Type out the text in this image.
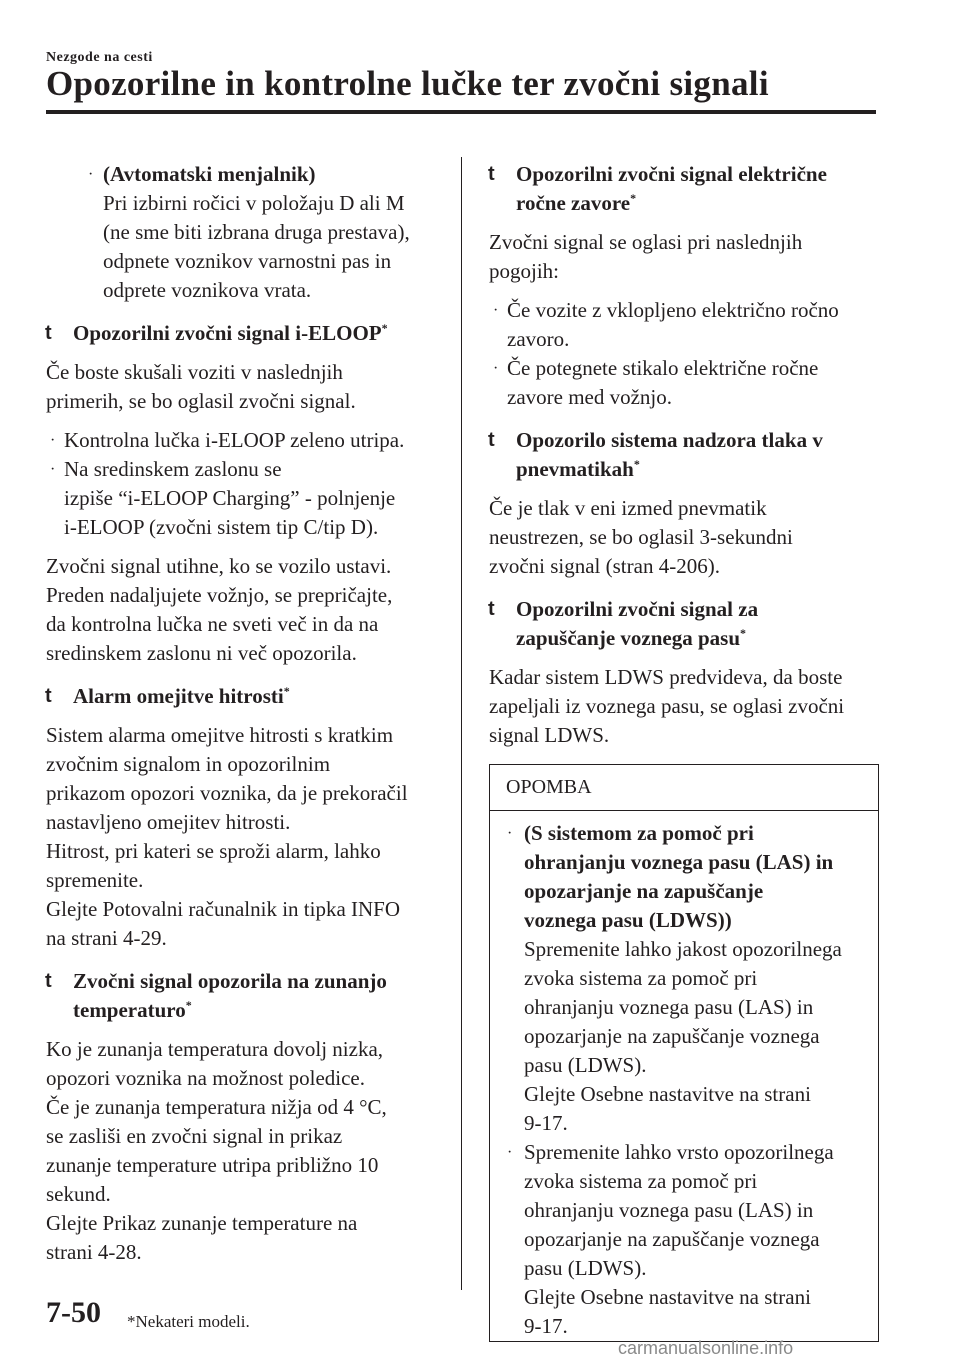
Nezgode na cesti
Opozorilne in kontrolne lučke ter zvočni signali
· (Avtomatski menjalnik)
Pri izbirni ročici v položaju D ali M
(ne sme biti izbrana druga prestava),
odpnete voznikov varnostni pas in
odprete voznikova vrata.
t Opozorilni zvočni signal i-ELOOP*
Če boste skušali voziti v naslednjih
primerih, se bo oglasil zvočni signal.
· Kontrolna lučka i-ELOOP zeleno utripa.
· Na sredinskem zaslonu se
izpiše “i-ELOOP Charging” - polnjenje
i-ELOOP (zvočni sistem tip C/tip D).
Zvočni signal utihne, ko se vozilo ustavi.
Preden nadaljujete vožnjo, se prepričajte,
da kontrolna lučka ne sveti več in da na
sredinskem zaslonu ni več opozorila.
t Alarm omejitve hitrosti*
Sistem alarma omejitve hitrosti s kratkim
zvočnim signalom in opozorilnim
prikazom opozori voznika, da je prekoračil
nastavljeno omejitev hitrosti.
Hitrost, pri kateri se sproži alarm, lahko
spremenite.
Glejte Potovalni računalnik in tipka INFO
na strani 4-29.
t Zvočni signal opozorila na zunanjo
temperaturo*
Ko je zunanja temperatura dovolj nizka,
opozori voznika na možnost poledice.
Če je zunanja temperatura nižja od 4 °C,
se zasliši en zvočni signal in prikaz
zunanje temperature utripa približno 10
sekund.
Glejte Prikaz zunanje temperature na
strani 4-28.
t Opozorilni zvočni signal električne
ročne zavore*
Zvočni signal se oglasi pri naslednjih
pogojih:
· Če vozite z vklopljeno električno ročno
zavoro.
· Če potegnete stikalo električne ročne
zavore med vožnjo.
t Opozorilo sistema nadzora tlaka v
pnevmatikah*
Če je tlak v eni izmed pnevmatik
neustrezen, se bo oglasil 3-sekundni
zvočni signal (stran 4-206).
t Opozorilni zvočni signal za
zapuščanje voznega pasu*
Kadar sistem LDWS predvideva, da boste
zapeljali iz voznega pasu, se oglasi zvočni
signal LDWS.
OPOMBA
· (S sistemom za pomoč pri
ohranjanju voznega pasu (LAS) in
opozarjanje na zapuščanje
voznega pasu (LDWS))
Spremenite lahko jakost opozorilnega
zvoka sistema za pomoč pri
ohranjanju voznega pasu (LAS) in
opozarjanje na zapuščanje voznega
pasu (LDWS).
Glejte Osebne nastavitve na strani
9-17.
· Spremenite lahko vrsto opozorilnega
zvoka sistema za pomoč pri
ohranjanju voznega pasu (LAS) in
opozarjanje na zapuščanje voznega
pasu (LDWS).
Glejte Osebne nastavitve na strani
9-17.
7-50 *Nekateri modeli.
carmanualsonline.info
